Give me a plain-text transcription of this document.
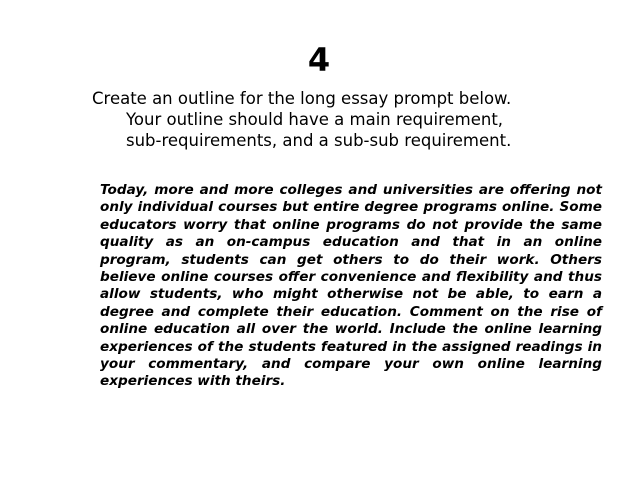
4
Create an outline for the long essay prompt below.
Your outline should have a main requirement,
sub-requirements, and a sub-sub requirement.
Today, more and more colleges and universities are offering not only individual courses but entire degree programs online. Some educators worry that online programs do not provide the same quality as an on-campus education and that in an online program, students can get others to do their work. Others believe online courses offer convenience and flexibility and thus allow students, who might otherwise not be able, to earn a degree and complete their education. Comment on the rise of online education all over the world. Include the online learning experiences of the students featured in the assigned readings in your commentary, and compare your own online learning experiences with theirs.
